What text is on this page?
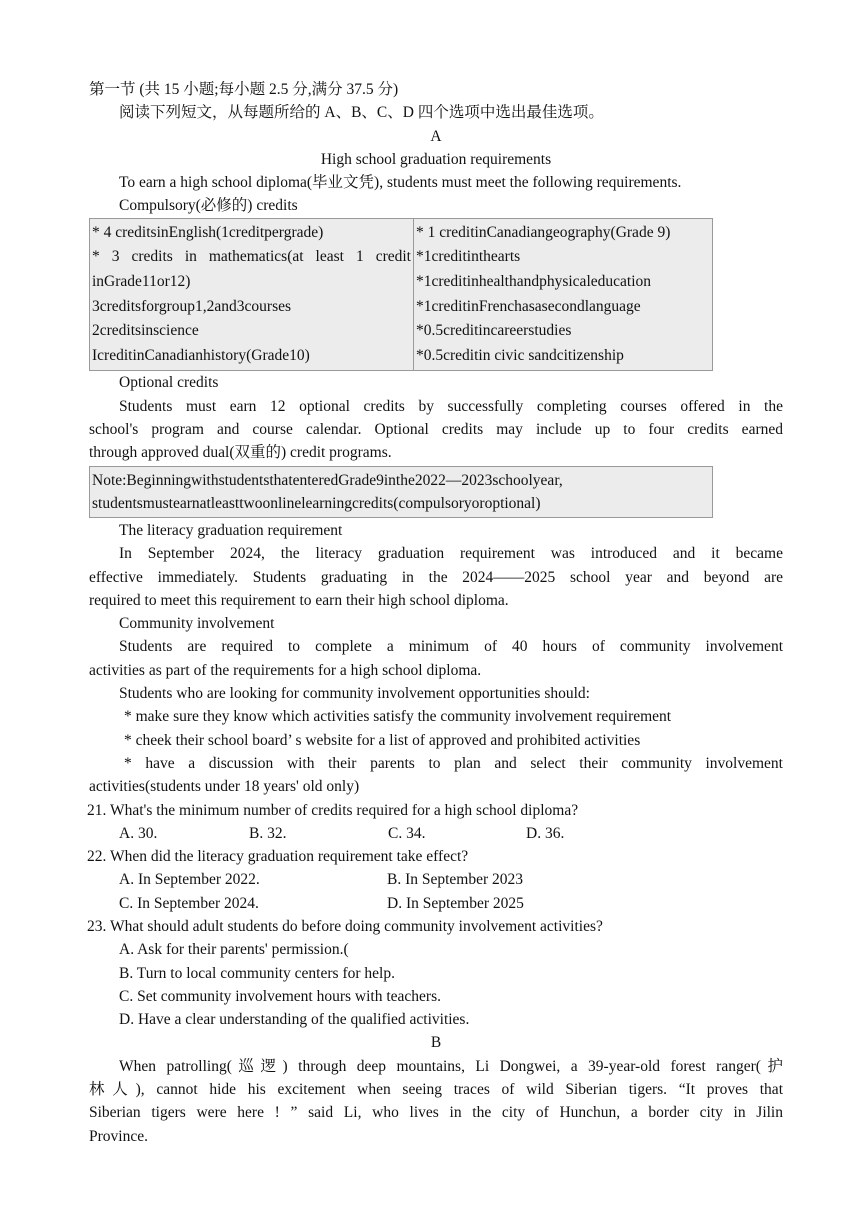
第一节 (共 15 小题;每小题 2.5 分,满分 37.5 分)
阅读下列短文，从每题所给的 A、B、C、D 四个选项中选出最佳选项。
A
High school graduation requirements
To earn a high school diploma(毕业文凭), students must meet the following requirements.
Compulsory(必修的) credits
* 4 creditsinEnglish(1creditpergrade)
* 3 credits in mathematics(at least 1 credit
inGrade11or12)
3creditsforgroup1,2and3courses
2creditsinscience
IcreditinCanadianhistory(Grade10)

* 1 creditinCanadiangeography(Grade 9)
*1creditinthearts
*1creditinhealthandphysicaleducation
*1creditinFrenchasasecondlanguage
*0.5creditincareerstudies
*0.5creditin civic sandcitizenship
Optional credits
Students must earn 12 optional credits by successfully completing courses offered in the
school's program and course calendar. Optional credits may include up to four credits earned
through approved dual(双重的) credit programs.
Note:BeginningwithstudentsthatenteredGrade9inthe2022—2023schoolyear,
studentsmustearnatleasttwoonlinelearningcredits(compulsoryoroptional)
The literacy graduation requirement
In September 2024, the literacy graduation requirement was introduced and it became
effective immediately. Students graduating in the 2024——2025 school year and beyond are
required to meet this requirement to earn their high school diploma.
Community involvement
Students are required to complete a minimum of 40 hours of community involvement
activities as part of the requirements for a high school diploma.
Students who are looking for community involvement opportunities should:
* make sure they know which activities satisfy the community involvement requirement
* cheek their school board’ s website for a list of approved and prohibited activities
* have a discussion with their parents to plan and select their community involvement
activities(students under 18 years' old only)
21. What's the minimum number of credits required for a high school diploma?
A. 30.	B. 32.	C. 34.	D. 36.
22. When did the literacy graduation requirement take effect?
A. In September 2022.	B. In September 2023
C. In September 2024.	D. In September 2025
23. What should adult students do before doing community involvement activities?
A. Ask for their parents' permission.(
B. Turn to local community centers for help.
C. Set community involvement hours with teachers.
D. Have a clear understanding of the qualified activities.
B
When patrolling(巡逻) through deep mountains, Li Dongwei, a 39-year-old forest ranger(护
林人), cannot hide his excitement when seeing traces of wild Siberian tigers. “It proves that
Siberian tigers were here ! ” said Li, who lives in the city of Hunchun, a border city in Jilin
Province.
